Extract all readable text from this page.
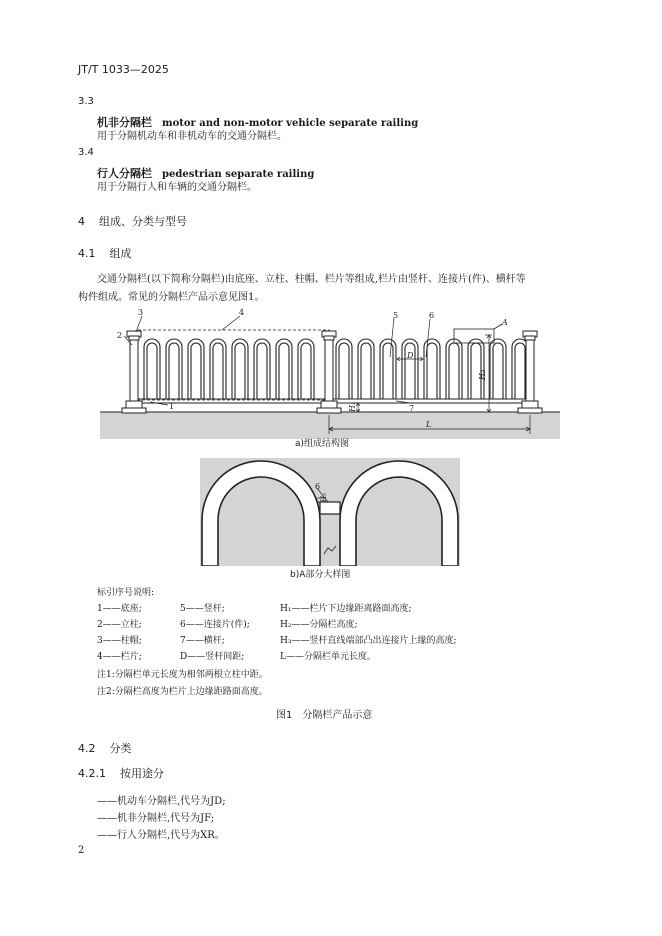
JT/T 1033—2025
3.3
机非分隔栏 motor and non-motor vehicle separate railing
用于分隔机动车和非机动车的交通分隔栏。
3.4
行人分隔栏 pedestrian separate railing
用于分隔行人和车辆的交通分隔栏。
4 组成、分类与型号
4.1 组成
交通分隔栏(以下简称分隔栏)由底座、立柱、柱帽、栏片等组成,栏片由竖杆、连接片(件)、横杆等
构件组成。常见的分隔栏产品示意见图1。
3
2
4	5	6
1	7
A
D
L
H₂
H₁
a)组成结构图
6
H₃
b)A部分大样图
标引序号说明:
1——底座;	5——竖杆;	H₁——栏片下边缘距离路面高度;
2——立柱;	6——连接片(件);	H₂——分隔栏高度;
3——柱帽;	7——横杆;	H₃——竖杆直线端部凸出连接片上缘的高度;
4——栏片;	D——竖杆间距;	L——分隔栏单元长度。
注1:分隔栏单元长度为相邻两根立柱中距。
注2:分隔栏高度为栏片上边缘距路面高度。
图1　分隔栏产品示意
4.2 分类
4.2.1 按用途分
——机动车分隔栏,代号为JD;
——机非分隔栏,代号为JF;
——行人分隔栏,代号为XR。
2
